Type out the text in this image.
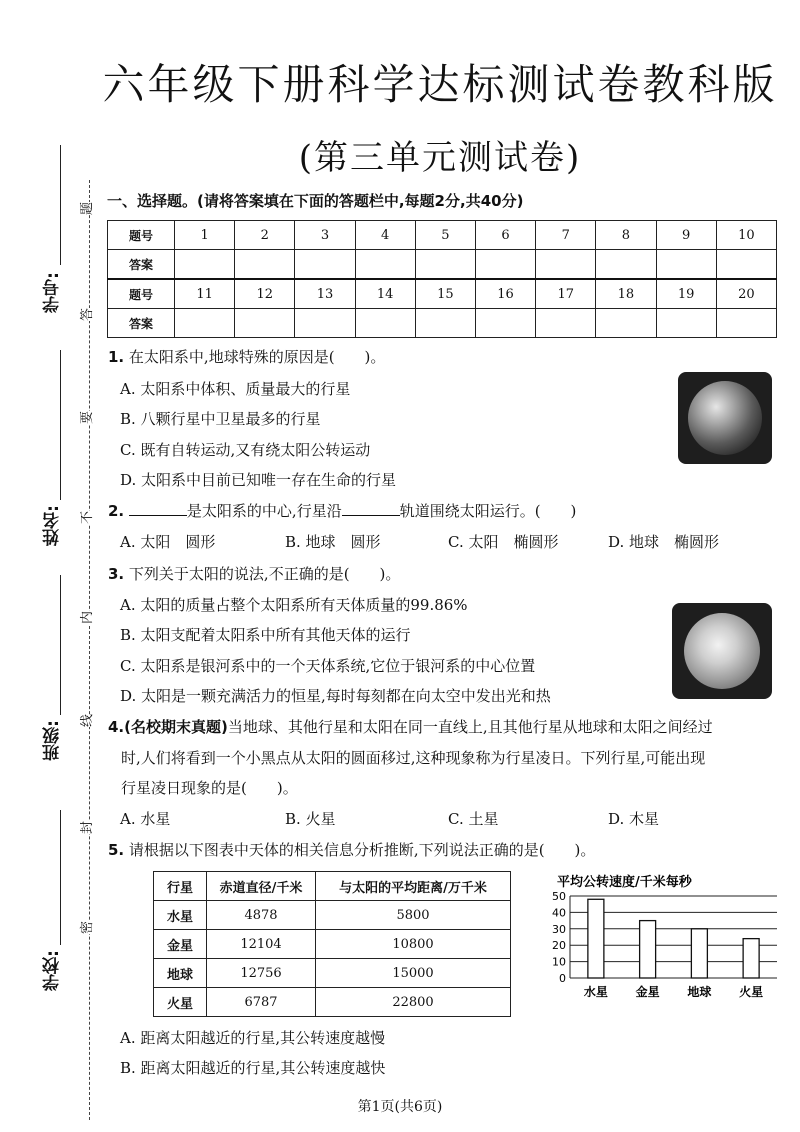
学号:
姓名:
班级:
学校:
题
答
要
不
内
线
封
密
六年级下册科学达标测试卷教科版
(第三单元测试卷)
一、选择题。(请将答案填在下面的答题栏中,每题2分,共40分)
题号	1	2	3	4	5	6	7	8	9	10
答案										
题号	11	12	13	14	15	16	17	18	19	20
答案										
1. 在太阳系中,地球特殊的原因是(　　)。
A. 太阳系中体积、质量最大的行星
B. 八颗行星中卫星最多的行星
C. 既有自转运动,又有绕太阳公转运动
D. 太阳系中目前已知唯一存在生命的行星
2.	是太阳系的中心,行星沿	轨道围绕太阳运行。(　　)
A. 太阳　圆形	B. 地球　圆形	C. 太阳　椭圆形	D. 地球　椭圆形
3. 下列关于太阳的说法,不正确的是(　　)。
A. 太阳的质量占整个太阳系所有天体质量的99.86%
B. 太阳支配着太阳系中所有其他天体的运行
C. 太阳系是银河系中的一个天体系统,它位于银河系的中心位置
D. 太阳是一颗充满活力的恒星,每时每刻都在向太空中发出光和热
4.(名校期末真题)当地球、其他行星和太阳在同一直线上,且其他行星从地球和太阳之间经过
时,人们将看到一个小黑点从太阳的圆面移过,这种现象称为行星凌日。下列行星,可能出现
行星凌日现象的是(　　)。
A. 水星	B. 火星	C. 土星	D. 木星
5. 请根据以下图表中天体的相关信息分析推断,下列说法正确的是(　　)。
行星	赤道直径/千米	与太阳的平均距离/万千米
水星	4878	5800
金星	12104	10800
地球	12756	15000
火星	6787	22800
平均公转速度/千米每秒
0
10
20
30
40
50
水星 金星 地球 火星
A. 距离太阳越近的行星,其公转速度越慢
B. 距离太阳越近的行星,其公转速度越快
第1页(共6页)
